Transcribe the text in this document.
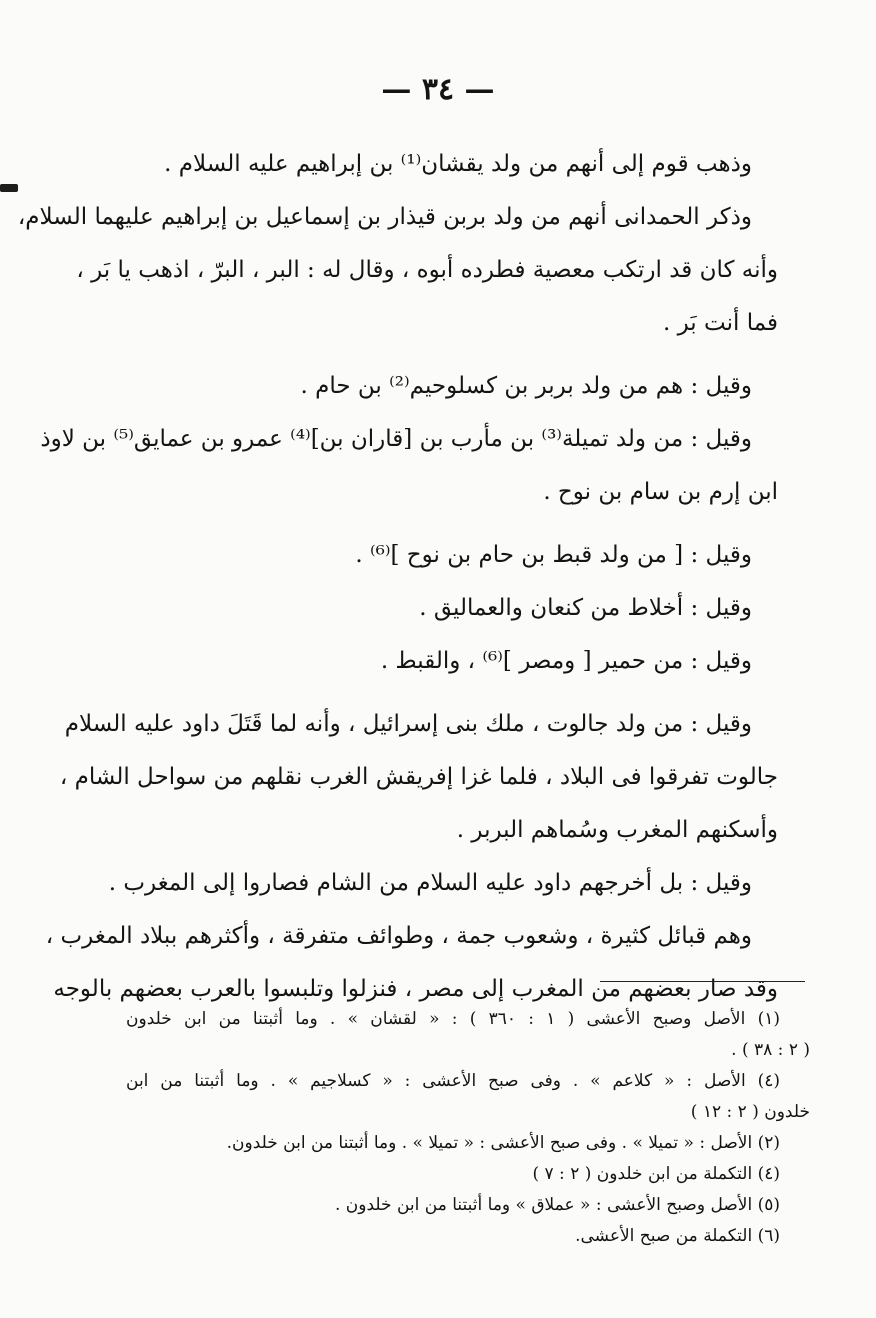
— ٣٤ —

وذهب قوم إلى أنهم من ولد يقشان⁽¹⁾ بن إبراهيم عليه السلام .

وذكر الحمدانى أنهم من ولد بربن قيذار بن إسماعيل بن إبراهيم عليهما السلام،

وأنه كان قد ارتكب معصية فطرده أبوه ، وقال له : البر ، البرّ ، اذهب يا بَر ،

فما أنت بَر .

وقيل : هم من ولد بربر بن كسلوحيم⁽²⁾ بن حام .

وقيل : من ولد تميلة⁽³⁾ بن مأرب بن [قاران بن]⁽⁴⁾ عمرو بن عمايق⁽⁵⁾ بن لاوذ

ابن إرم بن سام بن نوح .

وقيل : [ من ولد قبط بن حام بن نوح ]⁽⁶⁾ .

وقيل : أخلاط من كنعان والعماليق .

وقيل : من حمير [ ومصر ]⁽⁶⁾ ، والقبط .

وقيل : من ولد جالوت ، ملك بنى إسرائيل ، وأنه لما قَتَلَ داود عليه السلام

جالوت تفرقوا فى البلاد ، فلما غزا إفريقش الغرب نقلهم من سواحل الشام ،

وأسكنهم المغرب وسُماهم البربر .

وقيل : بل أخرجهم داود عليه السلام من الشام فصاروا إلى المغرب .

وهم قبائل كثيرة ، وشعوب جمة ، وطوائف متفرقة ، وأكثرهم ببلاد المغرب ،

وقد صار بعضهم من المغرب إلى مصر ، فنزلوا وتلبسوا بالعرب بعضهم بالوجه

(١) الأصل وصبح الأعشى ( ١ : ٣٦٠ ) : « لقشان » . وما أثبتنا من ابن خلدون

( ٢ : ٣٨ ) .

(٤) الأصل : « كلاعم » . وفى صبح الأعشى : « كسلاجيم » . وما أثبتنا من ابن

خلدون ( ٢ : ١٢ )

(٢) الأصل : « تميلا » . وفى صبح الأعشى : « تميلا » . وما أثبتنا من ابن خلدون.

(٤) التكملة من ابن خلدون ( ٢ : ٧ )

(٥) الأصل وصبح الأعشى : « عملاق » وما أثبتنا من ابن خلدون .

(٦) التكملة من صبح الأعشى.
